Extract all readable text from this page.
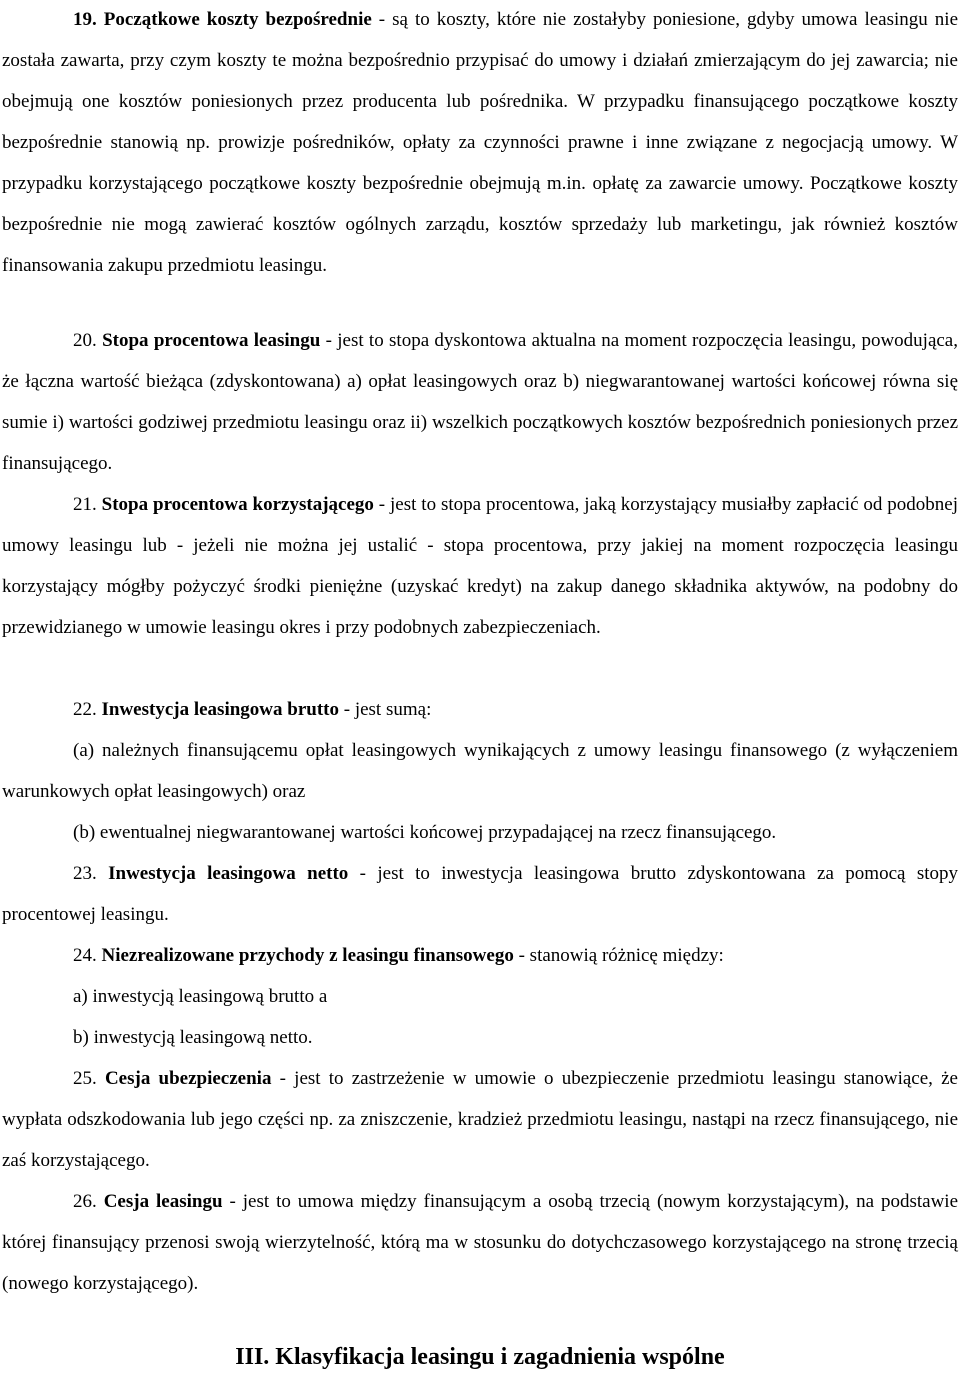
19. Początkowe koszty bezpośrednie - są to koszty, które nie zostałyby poniesione, gdyby umowa leasingu nie została zawarta, przy czym koszty te można bezpośrednio przypisać do umowy i działań zmierzającym do jej zawarcia; nie obejmują one kosztów poniesionych przez producenta lub pośrednika. W przypadku finansującego początkowe koszty bezpośrednie stanowią np. prowizje pośredników, opłaty za czynności prawne i inne związane z negocjacją umowy. W przypadku korzystającego początkowe koszty bezpośrednie obejmują m.in. opłatę za zawarcie umowy. Początkowe koszty bezpośrednie nie mogą zawierać kosztów ogólnych zarządu, kosztów sprzedaży lub marketingu, jak również kosztów finansowania zakupu przedmiotu leasingu.

20. Stopa procentowa leasingu - jest to stopa dyskontowa aktualna na moment rozpoczęcia leasingu, powodująca, że łączna wartość bieżąca (zdyskontowana) a) opłat leasingowych oraz b) niegwarantowanej wartości końcowej równa się sumie i) wartości godziwej przedmiotu leasingu oraz ii) wszelkich początkowych kosztów bezpośrednich poniesionych przez finansującego.

21. Stopa procentowa korzystającego - jest to stopa procentowa, jaką korzystający musiałby zapłacić od podobnej umowy leasingu lub - jeżeli nie można jej ustalić - stopa procentowa, przy jakiej na moment rozpoczęcia leasingu korzystający mógłby pożyczyć środki pieniężne (uzyskać kredyt) na zakup danego składnika aktywów, na podobny do przewidzianego w umowie leasingu okres i przy podobnych zabezpieczeniach.

22. Inwestycja leasingowa brutto - jest sumą:

(a) należnych finansującemu opłat leasingowych wynikających z umowy leasingu finansowego (z wyłączeniem warunkowych opłat leasingowych) oraz

(b) ewentualnej niegwarantowanej wartości końcowej przypadającej na rzecz finansującego.

23. Inwestycja leasingowa netto - jest to inwestycja leasingowa brutto zdyskontowana za pomocą stopy procentowej leasingu.

24. Niezrealizowane przychody z leasingu finansowego - stanowią różnicę między:

a) inwestycją leasingową brutto a

b) inwestycją leasingową netto.

25. Cesja ubezpieczenia - jest to zastrzeżenie w umowie o ubezpieczenie przedmiotu leasingu stanowiące, że wypłata odszkodowania lub jego części np. za zniszczenie, kradzież przedmiotu leasingu, nastąpi na rzecz finansującego, nie zaś korzystającego.

26. Cesja leasingu - jest to umowa między finansującym a osobą trzecią (nowym korzystającym), na podstawie której finansujący przenosi swoją wierzytelność, którą ma w stosunku do dotychczasowego korzystającego na stronę trzecią (nowego korzystającego).

III. Klasyfikacja leasingu i zagadnienia wspólne
